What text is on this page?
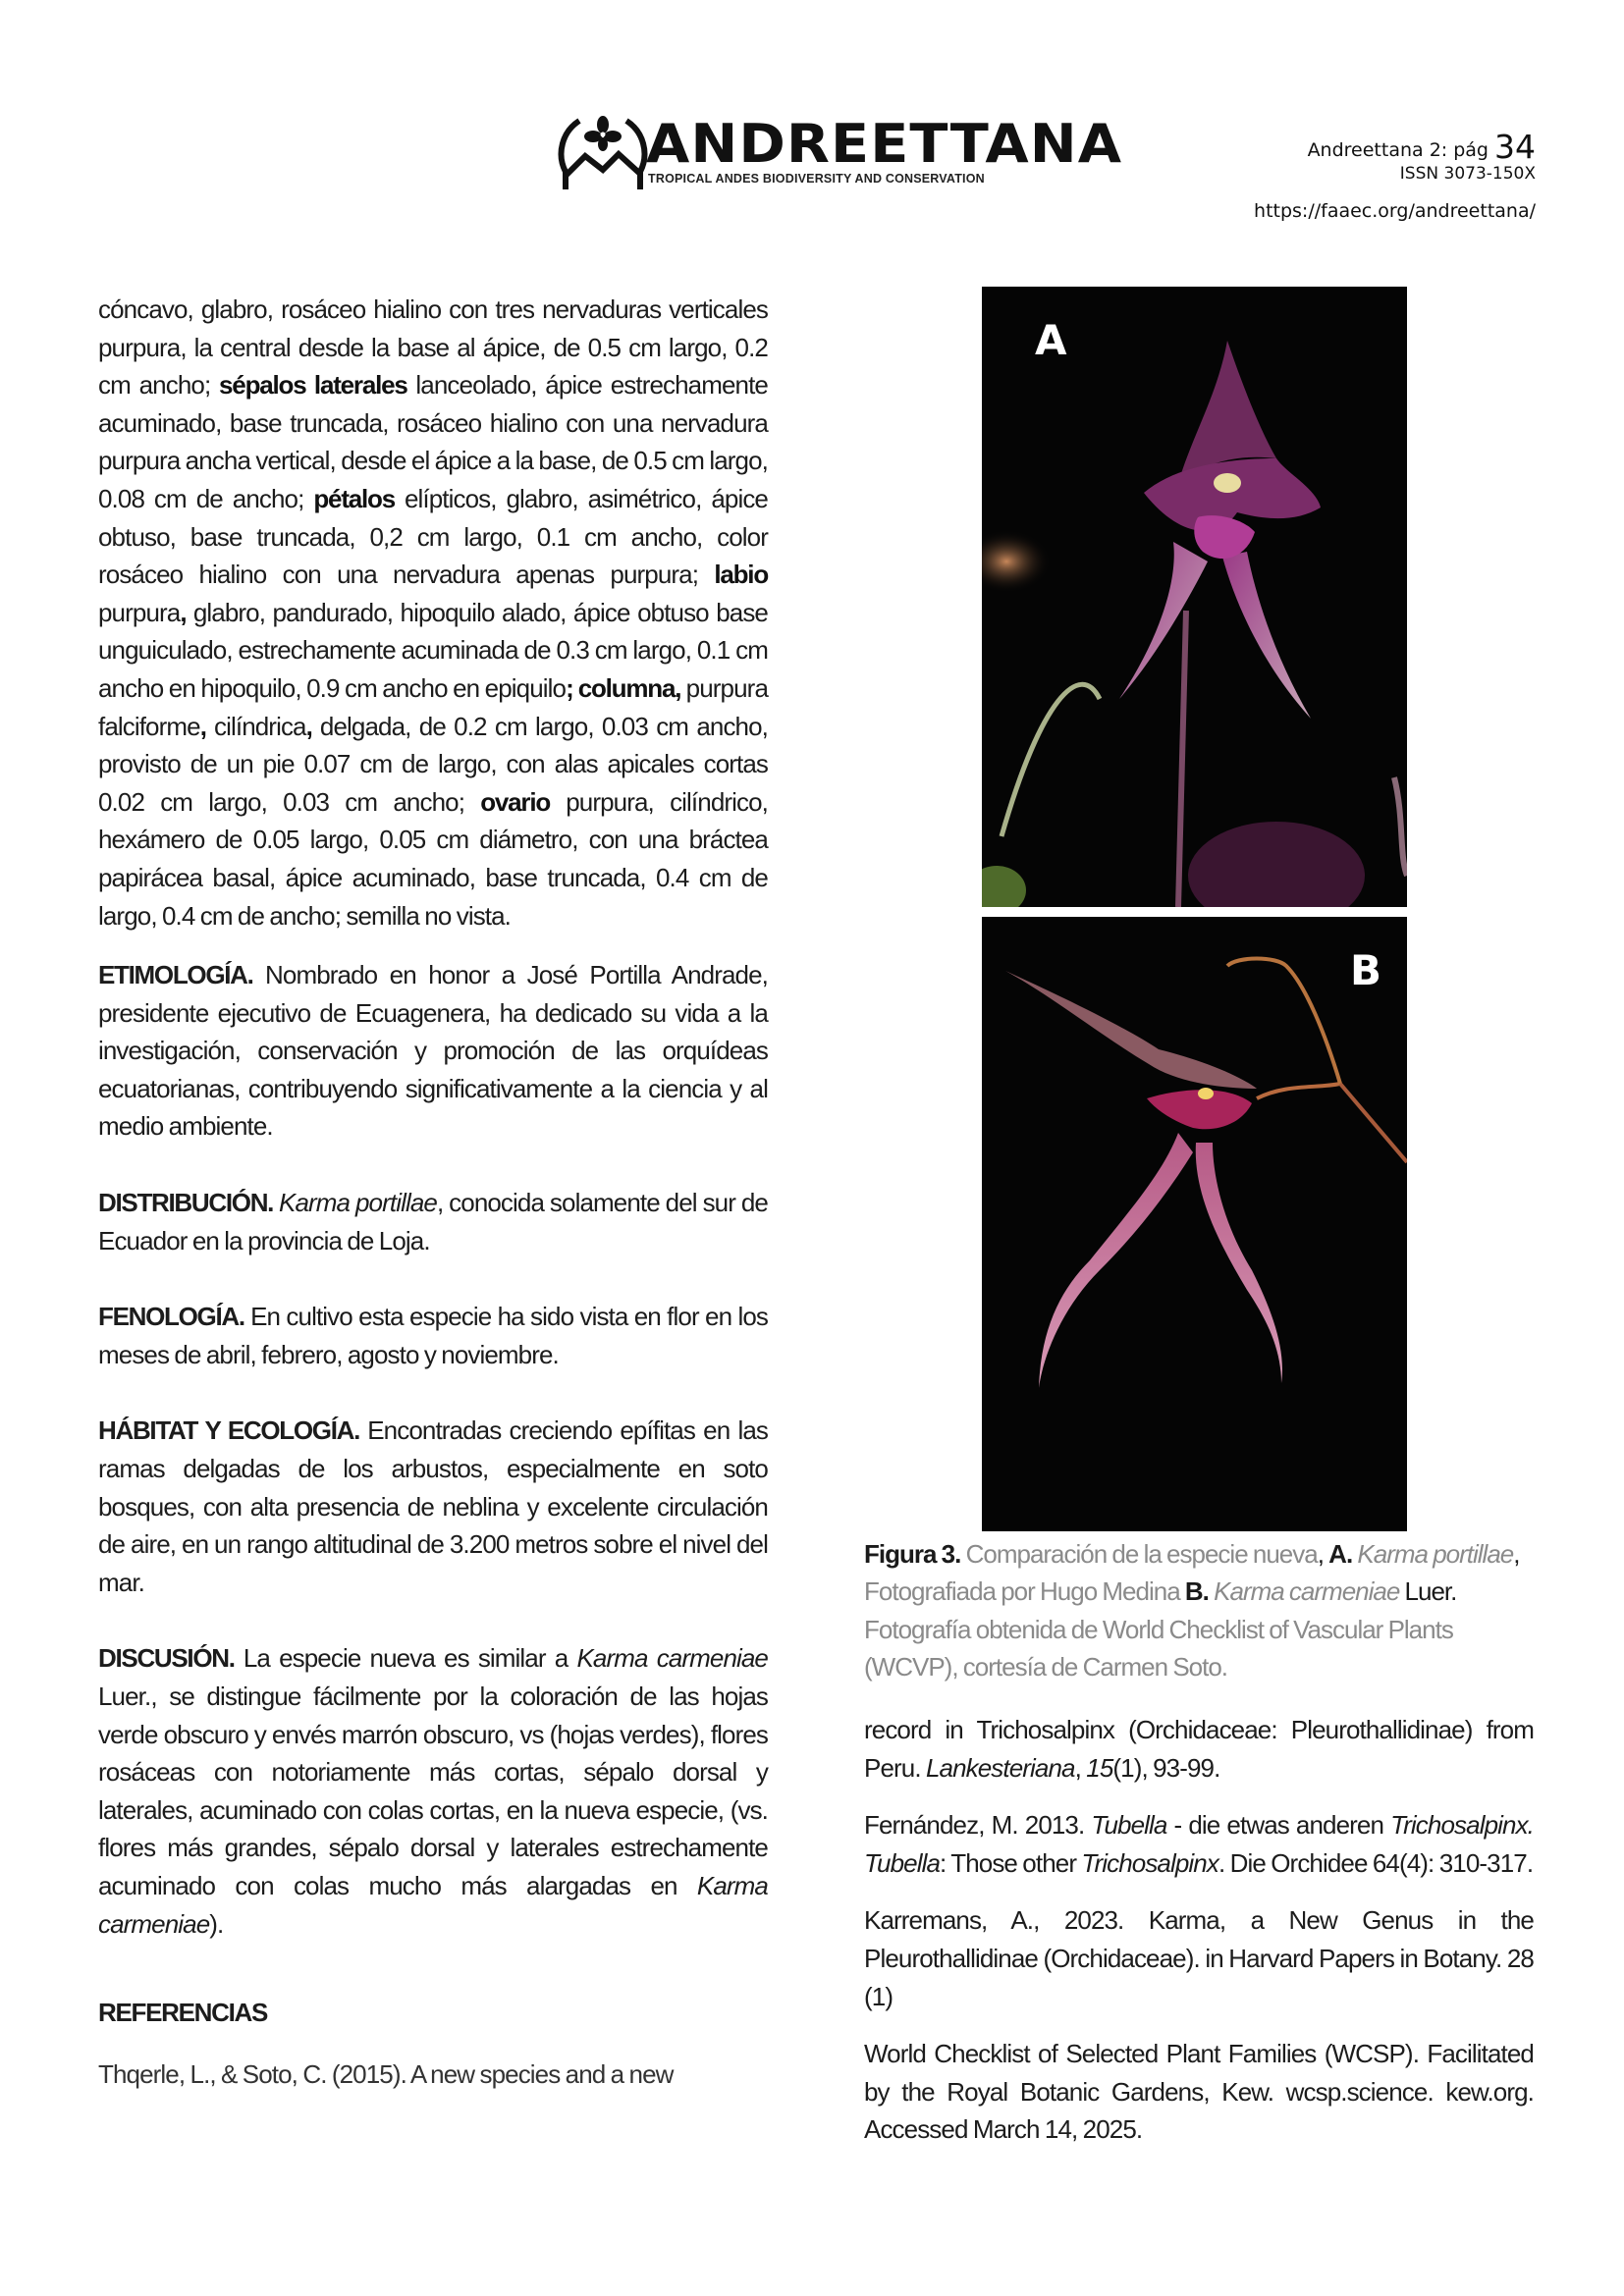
ANDREETTANA
TROPICAL ANDES BIODIVERSITY AND CONSERVATION
Andreettana 2: pág 34
ISSN 3073-150X
https://faaec.org/andreettana/

cóncavo, glabro, rosáceo hialino con tres nervaduras verticales purpura, la central desde la base al ápice, de 0.5 cm largo, 0.2 cm ancho; sépalos laterales lanceolado, ápice estrechamente acuminado, base truncada, rosáceo hialino con una nervadura purpura ancha vertical, desde el ápice a la base, de 0.5 cm largo, 0.08 cm de ancho; pétalos elípticos, glabro, asimétrico, ápice obtuso, base truncada, 0,2 cm largo, 0.1 cm ancho, color rosáceo hialino con una nervadura apenas purpura; labio purpura, glabro, pandurado, hipoquilo alado, ápice obtuso base unguiculado, estrechamente acuminada de 0.3 cm largo, 0.1 cm ancho en hipoquilo, 0.9 cm ancho en epiquilo; columna, purpura falciforme, cilíndrica, delgada, de 0.2 cm largo, 0.03 cm ancho, provisto de un pie 0.07 cm de largo, con alas apicales cortas 0.02 cm largo, 0.03 cm ancho; ovario purpura, cilíndrico, hexámero de 0.05 largo, 0.05 cm diámetro, con una bráctea papirácea basal, ápice acuminado, base truncada, 0.4 cm de largo, 0.4 cm de ancho; semilla no vista.

ETIMOLOGÍA. Nombrado en honor a José Portilla Andrade, presidente ejecutivo de Ecuagenera, ha dedicado su vida a la investigación, conservación y promoción de las orquídeas ecuatorianas, contribuyendo significativamente a la ciencia y al medio ambiente.

DISTRIBUCIÓN. Karma portillae, conocida solamente del sur de Ecuador en la provincia de Loja.

FENOLOGÍA. En cultivo esta especie ha sido vista en flor en los meses de abril, febrero, agosto y noviembre.

HÁBITAT Y ECOLOGÍA. Encontradas creciendo epífitas en las ramas delgadas de los arbustos, especialmente en soto bosques, con alta presencia de neblina y excelente circulación de aire, en un rango altitudinal de 3.200 metros sobre el nivel del mar.

DISCUSIÓN. La especie nueva es similar a Karma carmeniae Luer., se distingue fácilmente por la coloración de las hojas verde obscuro y envés marrón obscuro, vs (hojas verdes), flores rosáceas con notoriamente más cortas, sépalo dorsal y laterales, acuminado con colas cortas, en la nueva especie, (vs. flores más grandes, sépalo dorsal y laterales estrechamente acuminado con colas mucho más alargadas en Karma carmeniae).

REFERENCIAS

Thqerle, L., & Soto, C. (2015). A new species and a new

A
B
Figura 3. Comparación de la especie nueva, A. Karma portillae, Fotografiada por Hugo Medina B. Karma carmeniae Luer. Fotografía obtenida de World Checklist of Vascular Plants (WCVP), cortesía de Carmen Soto.

record in Trichosalpinx (Orchidaceae: Pleurothallidinae) from Peru. Lankesteriana, 15(1), 93-99.

Fernández, M. 2013. Tubella - die etwas anderen Trichosalpinx. Tubella: Those other Trichosalpinx. Die Orchidee 64(4): 310-317.

Karremans, A., 2023. Karma, a New Genus in the Pleurothallidinae (Orchidaceae). in Harvard Papers in Botany. 28 (1)

World Checklist of Selected Plant Families (WCSP). Facilitated by the Royal Botanic Gardens, Kew. wcsp.science. kew.org. Accessed March 14, 2025.
